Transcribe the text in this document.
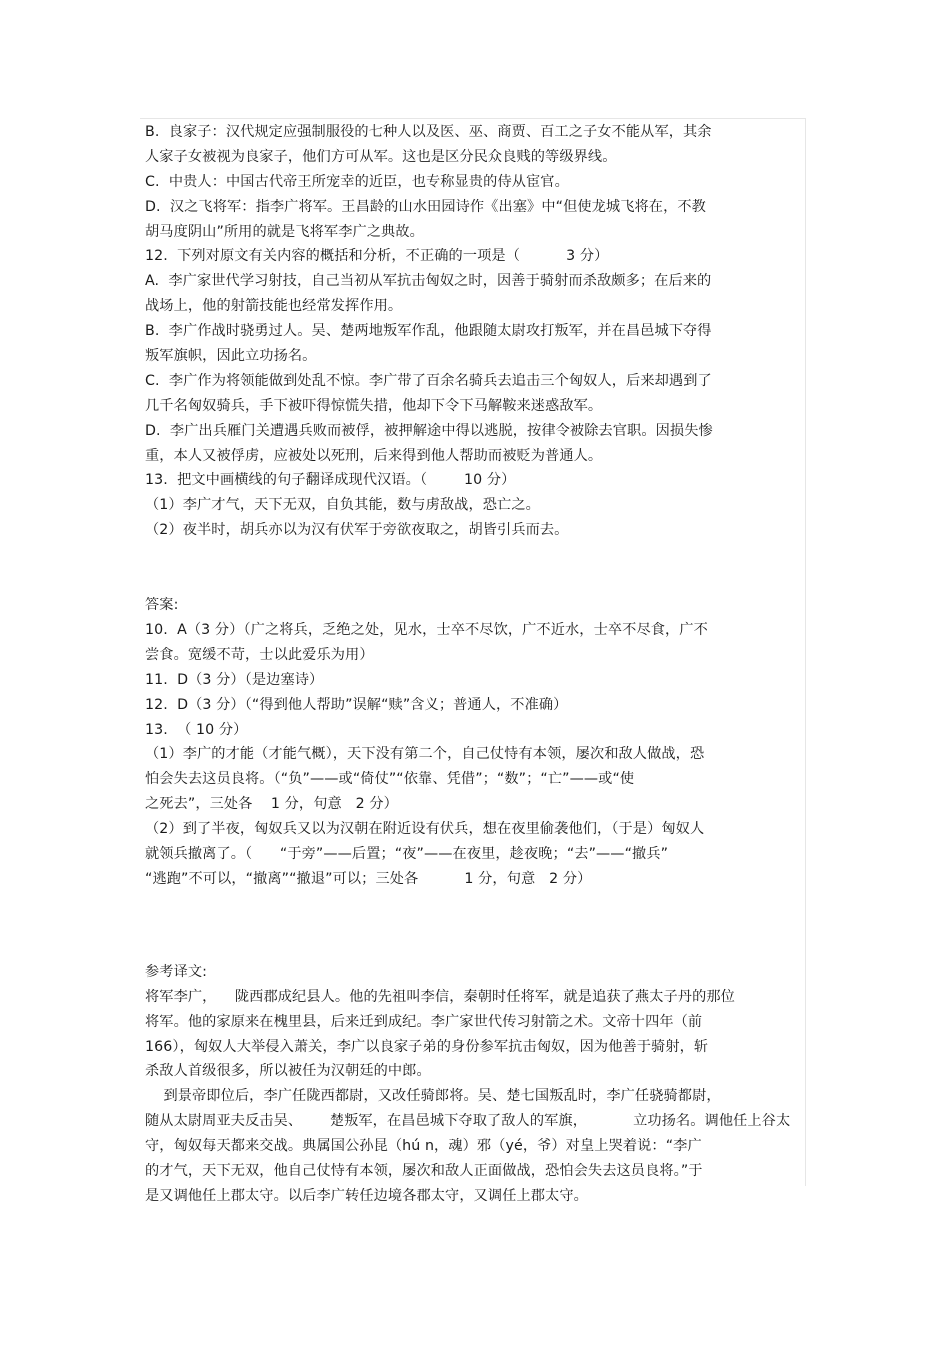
B.  良家子：汉代规定应强制服役的七种人以及医、巫、商贾、百工之子女不能从军，其余
人家子女被视为良家子，他们方可从军。这也是区分民众良贱的等级界线。
C.  中贵人：中国古代帝王所宠幸的近臣，也专称显贵的侍从宦官。
D.  汉之飞将军：指李广将军。王昌龄的山水田园诗作《出塞》中“但使龙城飞将在，不教
胡马度阴山”所用的就是飞将军李广之典故。
12.  下列对原文有关内容的概括和分析，不正确的一项是（          3 分）
A.  李广家世代学习射技，自己当初从军抗击匈奴之时，因善于骑射而杀敌颇多；在后来的
战场上，他的射箭技能也经常发挥作用。
B.  李广作战时骁勇过人。吴、楚两地叛军作乱，他跟随太尉攻打叛军，并在昌邑城下夺得
叛军旗帜，因此立功扬名。
C.  李广作为将领能做到处乱不惊。李广带了百余名骑兵去追击三个匈奴人，后来却遇到了
几千名匈奴骑兵，手下被吓得惊慌失措，他却下令下马解鞍来迷惑敌军。
D.  李广出兵雁门关遭遇兵败而被俘，被押解途中得以逃脱，按律令被除去官职。因损失惨
重，本人又被俘虏，应被处以死刑，后来得到他人帮助而被贬为普通人。
13.  把文中画横线的句子翻译成现代汉语。（        10 分）
（1）李广才气，天下无双，自负其能，数与虏敌战，恐亡之。
（2）夜半时，胡兵亦以为汉有伏军于旁欲夜取之，胡皆引兵而去。
答案:
10.  A（3 分）（广之将兵，乏绝之处，见水，士卒不尽饮，广不近水，士卒不尽食，广不
尝食。宽缓不苛，士以此爱乐为用）
11.  D（3 分）（是边塞诗）
12.  D（3 分）（“得到他人帮助”误解“赎”含义；普通人，不准确）
13.  （ 10 分）
（1）李广的才能（才能气概），天下没有第二个，自己仗恃有本领，屡次和敌人做战，恐
怕会失去这员良将。（“负”——或“倚仗”“依靠、凭借”；“数”；“亡”——或“使
之死去”，三处各    1 分，句意   2 分）
（2）到了半夜，匈奴兵又以为汉朝在附近设有伏兵，想在夜里偷袭他们，（于是）匈奴人
就领兵撤离了。（      “于旁”——后置；“夜”——在夜里，趁夜晚；“去”——“撤兵”
“逃跑”不可以，“撤离”“撤退”可以；三处各          1 分，句意   2 分）
参考译文:
将军李广，    陇西郡成纪县人。他的先祖叫李信，秦朝时任将军，就是追获了燕太子丹的那位
将军。他的家原来在槐里县，后来迁到成纪。李广家世代传习射箭之术。文帝十四年（前
166），匈奴人大举侵入萧关，李广以良家子弟的身份参军抗击匈奴，因为他善于骑射，斩
杀敌人首级很多，所以被任为汉朝廷的中郎。
到景帝即位后，李广任陇西都尉，又改任骑郎将。吴、楚七国叛乱时，李广任骁骑都尉，
随从太尉周亚夫反击吴、      楚叛军，在昌邑城下夺取了敌人的军旗，          立功扬名。调他任上谷太
守，匈奴每天都来交战。典属国公孙昆（hú n，魂）邪（yé，爷）对皇上哭着说：“李广
的才气，天下无双，他自己仗恃有本领，屡次和敌人正面做战，恐怕会失去这员良将。”于
是又调他任上郡太守。以后李广转任边境各郡太守，又调任上郡太守。
